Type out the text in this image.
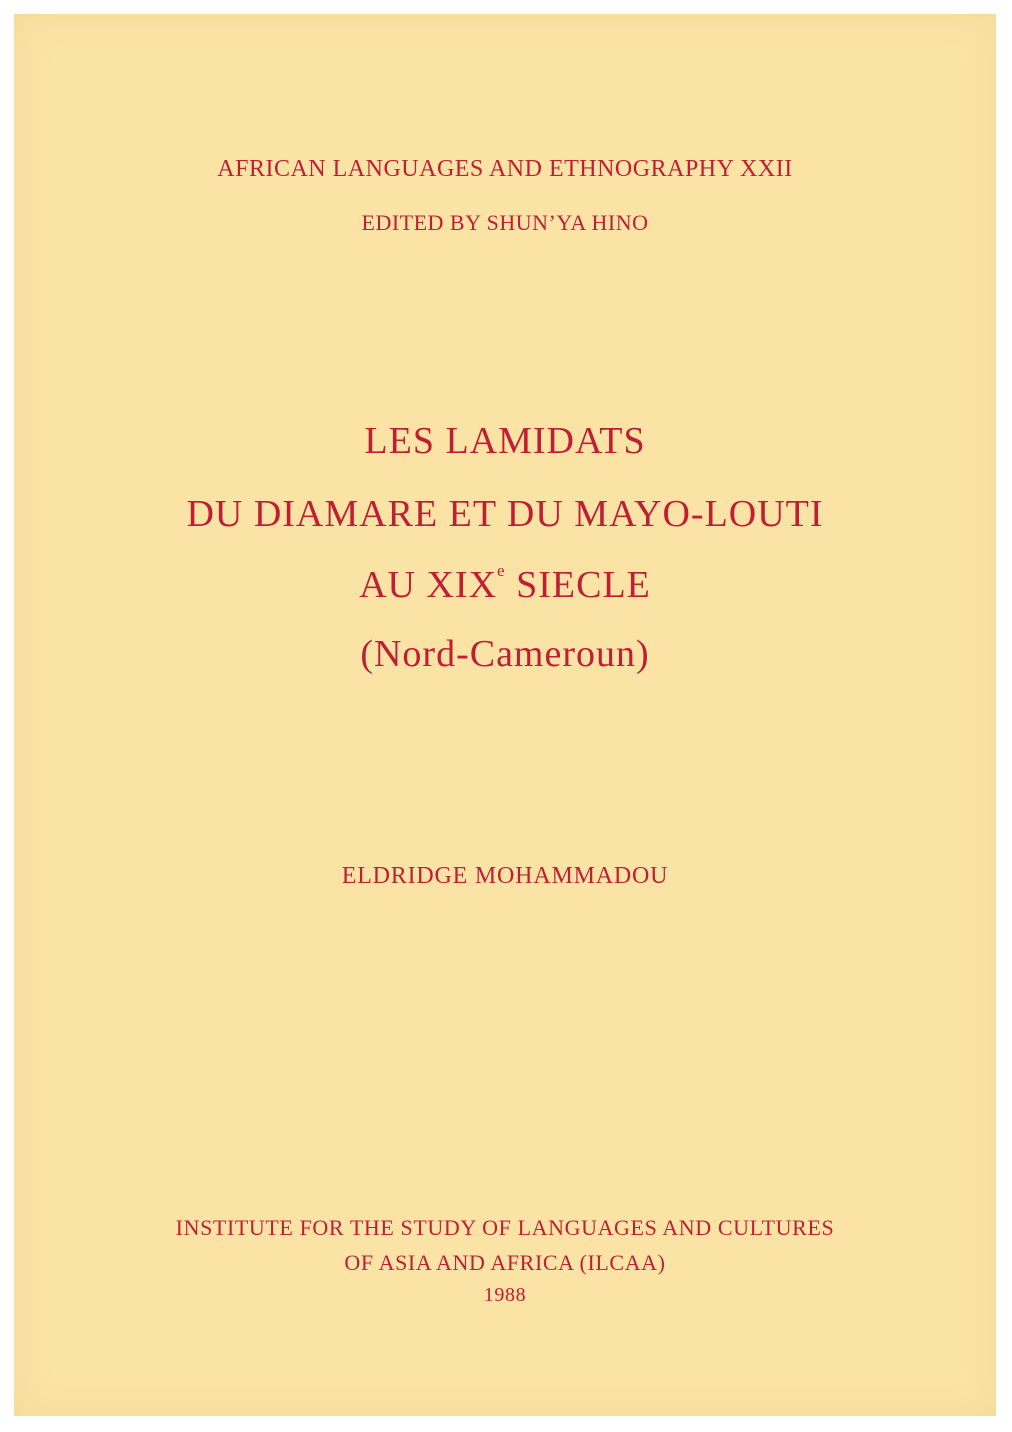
AFRICAN LANGUAGES AND ETHNOGRAPHY XXII
EDITED BY SHUN’YA HINO
LES LAMIDATS
DU DIAMARE ET DU MAYO-LOUTI
AU XIXe SIECLE
(Nord-Cameroun)
ELDRIDGE MOHAMMADOU
INSTITUTE FOR THE STUDY OF LANGUAGES AND CULTURES
OF ASIA AND AFRICA (ILCAA)
1988
